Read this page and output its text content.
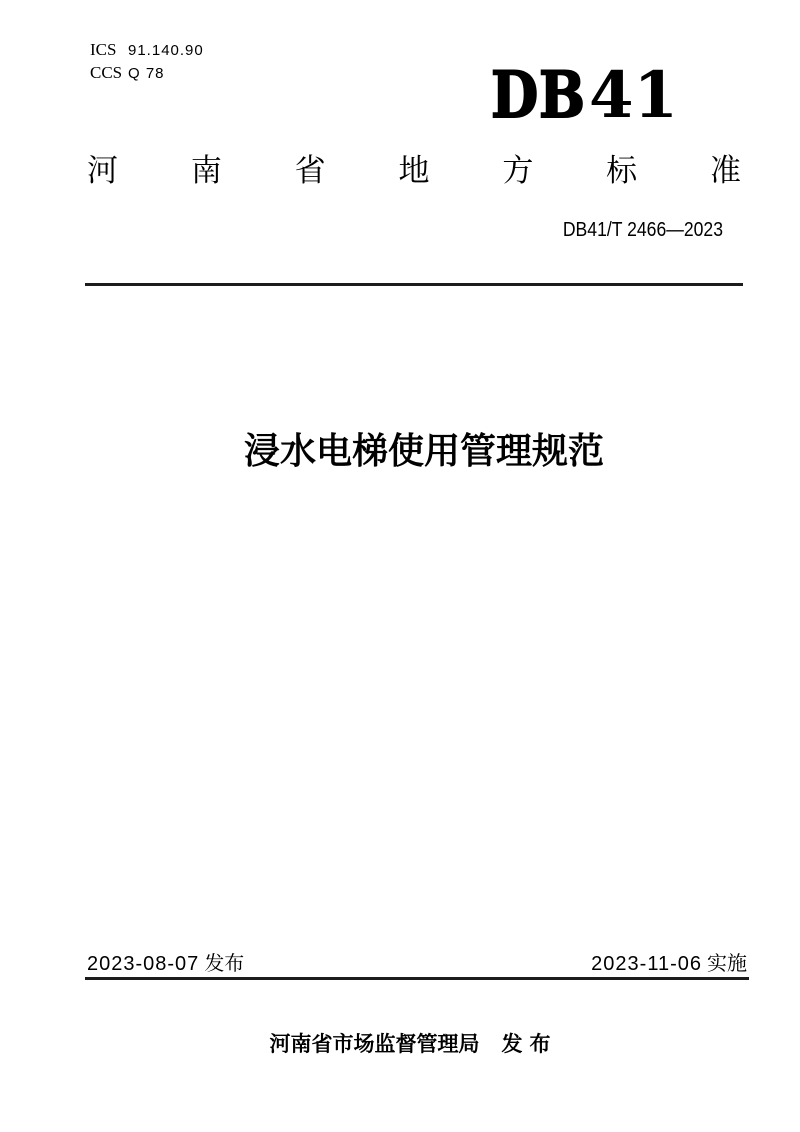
ICS 91.140.90
CCS Q 78	DB41
河 南 省 地 方 标 准
DB41/T 2466—2023
浸水电梯使用管理规范
2023-08-07 发布	2023-11-06 实施
河南省市场监督管理局 发布
